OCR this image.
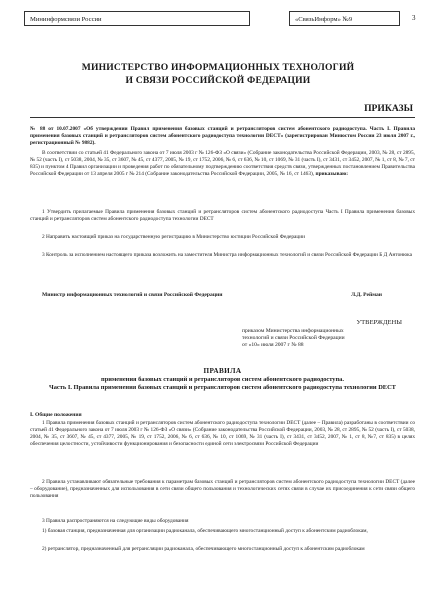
Мининформсвязи России	«СвязьИнформ» №9	3
МИНИСТЕРСТВО ИНФОРМАЦИОННЫХ ТЕХНОЛОГИЙ
И СВЯЗИ РОССИЙСКОЙ ФЕДЕРАЦИИ
ПРИКАЗЫ
№ 88 от 10.07.2007 «Об утверждении Правил применения базовых станций и ретрансляторов систем абонентского радиодоступа. Часть I. Правила применения базовых станций и ретрансляторов систем абонентского радиодоступа технологии DECT» (зарегистрирован Минюстом России 23 июля 2007 г., регистрационный № 9882).
В соответствии со статьей 41 Федерального закона от 7 июля 2003 г № 126-ФЗ «О связи» (Собрание законодательства Российской Федерации, 2003, № 28, ст 2895, № 52 (часть I), ст 5038, 2004, № 35, ст 3607, № 45, ст 4377, 2005, № 19, ст 1752, 2006, № 6, ст 636, № 10, ст 1069, № 31 (часть I), ст 3431, ст 3452, 2007, № 1, ст 8, № 7, ст 835) и пунктом 4 Правил организации и проведения работ по обязательному подтверждению соответствия средств связи, утвержденных постановлением Правительства Российской Федерации от 13 апреля 2005 г № 214 (Собрание законодательства Российской Федерации, 2005, № 16, ст 1463), приказываю:
1 Утвердить прилагаемые Правила применения базовых станций и ретрансляторов систем абонентского радиодоступа Часть I Правила применения базовых станций и ретрансляторов систем абонентского радиодоступа технологии DECT
2 Направить настоящий приказ на государственную регистрацию в Министерство юстиции Российской Федерации
3 Контроль за исполнением настоящего приказа возложить на заместителя Министра информационных технологий и связи Российской Федерации Б Д Антонюка
Министр информационных технологий и связи Российской Федерации	Л.Д. Рейман
УТВЕРЖДЕНЫ
приказом Министерства информационных
технологий и связи Российской Федерации
от «10» июля 2007 г № 88
ПРАВИЛА
применения базовых станций и ретрансляторов систем абонентского радиодоступа.
Часть I. Правила применения базовых станций и ретрансляторов систем абонентского радиодоступа технологии DECT
I. Общие положения
1 Правила применения базовых станций и ретрансляторов систем абонентского радиодоступа технологии DECT (далее – Правила) разработаны в соответствии со статьей 41 Федерального закона от 7 июля 2003 г № 126-ФЗ «О связи» (Собрание законодательства Российской Федерации, 2003, № 28, ст 2895, № 52 (часть I), ст 5038, 2004, № 35, ст 3607, № 45, ст 4377, 2005, № 19, ст 1752, 2006, № 6, ст 636, № 10, ст 1069, № 31 (часть I), ст 3431, ст 3452, 2007, № 1, ст 8, №7, ст 835) в целях обеспечения целостности, устойчивости функционирования и безопасности единой сети электросвязи Российской Федерации
2 Правила устанавливают обязательные требования к параметрам базовых станций и ретрансляторов систем абонентского радиодоступа технологии DECT (далее – оборудование), предназначенных для использования в сети связи общего пользования и технологических сетях связи в случае их присоединения к сети связи общего пользования
3 Правила распространяются на следующие виды оборудования
1) базовая станция, предназначенная для организации радиоканала, обеспечивающего многостанционный доступ к абонентским радиоблокам,
2) ретранслятор, предназначенный для ретрансляции радиоканала, обеспечивающего многостанционный доступ к абонентским радиоблокам
